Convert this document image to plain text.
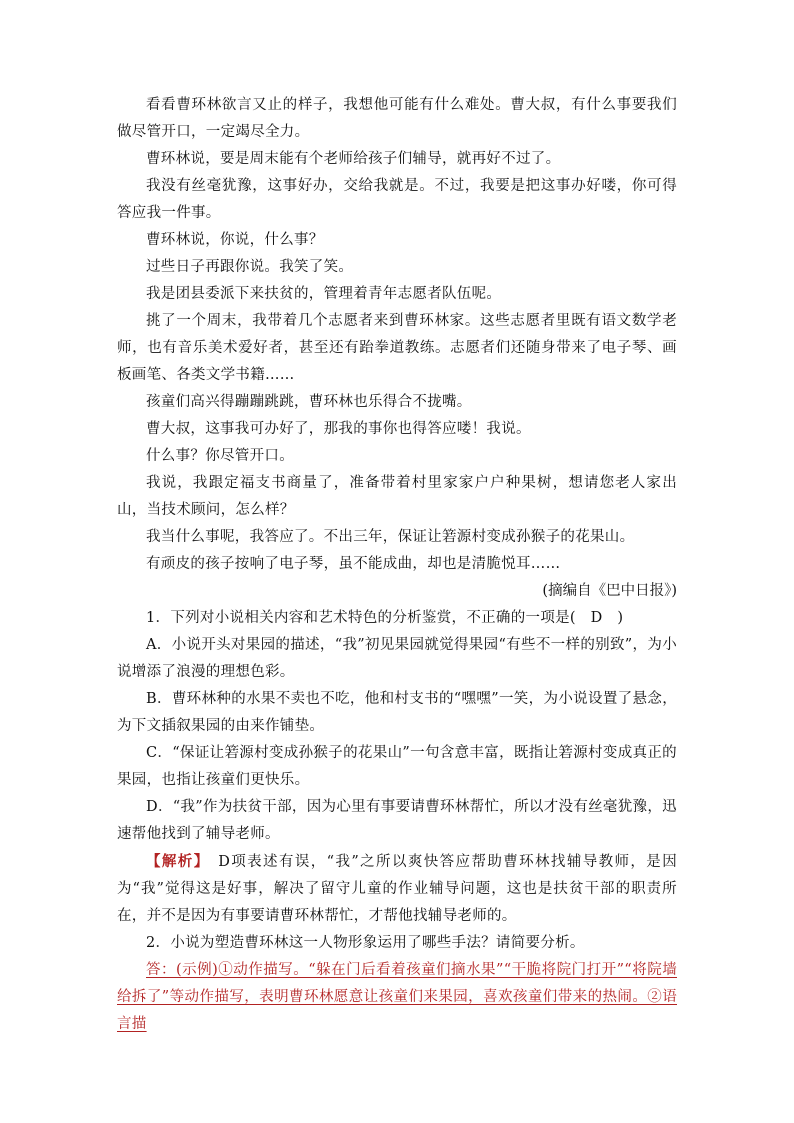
看看曹环林欲言又止的样子，我想他可能有什么难处。曹大叔，有什么事要我们做尽管开口，一定竭尽全力。

曹环林说，要是周末能有个老师给孩子们辅导，就再好不过了。

我没有丝毫犹豫，这事好办，交给我就是。不过，我要是把这事办好喽，你可得答应我一件事。

曹环林说，你说，什么事？

过些日子再跟你说。我笑了笑。

我是团县委派下来扶贫的，管理着青年志愿者队伍呢。

挑了一个周末，我带着几个志愿者来到曹环林家。这些志愿者里既有语文数学老师，也有音乐美术爱好者，甚至还有跆拳道教练。志愿者们还随身带来了电子琴、画板画笔、各类文学书籍……

孩童们高兴得蹦蹦跳跳，曹环林也乐得合不拢嘴。

曹大叔，这事我可办好了，那我的事你也得答应喽！我说。

什么事？你尽管开口。

我说，我跟定福支书商量了，准备带着村里家家户户种果树，想请您老人家出山，当技术顾问，怎么样？

我当什么事呢，我答应了。不出三年，保证让箬源村变成孙猴子的花果山。

有顽皮的孩子按响了电子琴，虽不能成曲，却也是清脆悦耳……

(摘编自《巴中日报》)

1．下列对小说相关内容和艺术特色的分析鉴赏，不正确的一项是(　D　)

A．小说开头对果园的描述，“我”初见果园就觉得果园“有些不一样的别致”，为小说增添了浪漫的理想色彩。

B．曹环林种的水果不卖也不吃，他和村支书的“嘿嘿”一笑，为小说设置了悬念，为下文插叙果园的由来作铺垫。

C．“保证让箬源村变成孙猴子的花果山”一句含意丰富，既指让箬源村变成真正的果园，也指让孩童们更快乐。

D．“我”作为扶贫干部，因为心里有事要请曹环林帮忙，所以才没有丝毫犹豫，迅速帮他找到了辅导老师。

【解析】　D项表述有误，“我”之所以爽快答应帮助曹环林找辅导教师，是因为“我”觉得这是好事，解决了留守儿童的作业辅导问题，这也是扶贫干部的职责所在，并不是因为有事要请曹环林帮忙，才帮他找辅导老师的。

2．小说为塑造曹环林这一人物形象运用了哪些手法？请简要分析。

答：(示例)①动作描写。“躲在门后看着孩童们摘水果”“干脆将院门打开”“将院墙给拆了”等动作描写，表明曹环林愿意让孩童们来果园，喜欢孩童们带来的热闹。②语言描
